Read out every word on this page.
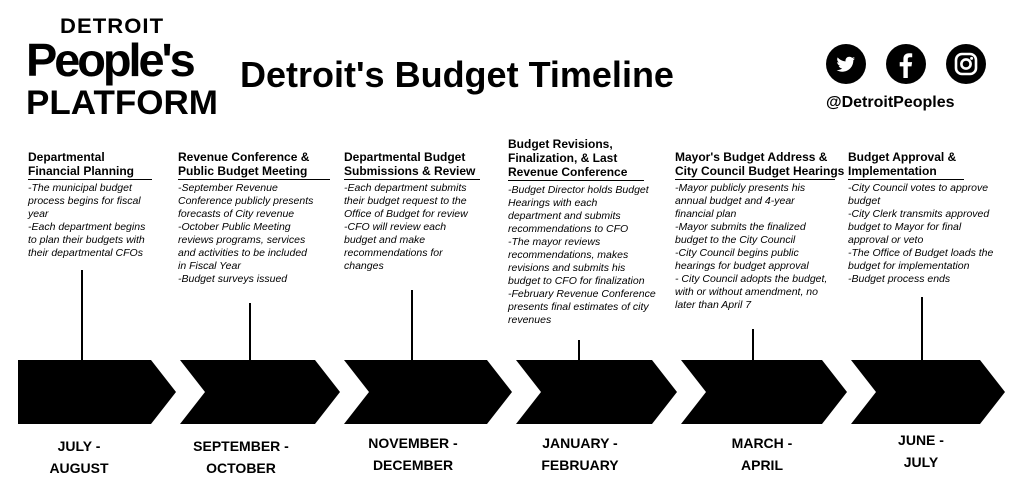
DETROIT
People's
PLATFORM
Detroit's Budget Timeline
@DetroitPeoples
Departmental
Financial Planning
-The municipal budget
process begins for fiscal
year
-Each department begins
to plan their budgets with
their departmental CFOs
JULY -
AUGUST
Revenue Conference &
Public Budget Meeting
-September Revenue
Conference publicly presents
forecasts of City revenue
-October Public Meeting
reviews programs, services
and activities to be included
in Fiscal Year
-Budget surveys issued
SEPTEMBER -
OCTOBER
Departmental Budget
Submissions & Review
-Each department submits
their budget request to the
Office of Budget for review
-CFO will review each
budget and make
recommendations for
changes
NOVEMBER -
DECEMBER
Budget Revisions,
Finalization, & Last
Revenue Conference
-Budget Director holds Budget
Hearings with each
department and submits
recommendations to CFO
-The mayor reviews
recommendations, makes
revisions and submits his
budget to CFO for finalization
-February Revenue Conference
presents final estimates of city
revenues
JANUARY -
FEBRUARY
Mayor's Budget Address &
City Council Budget Hearings
-Mayor publicly presents his
annual budget and 4-year
financial plan
-Mayor submits the finalized
budget to the City Council
-City Council begins public
hearings for budget approval
- City Council adopts the budget,
with or without amendment, no
later than April 7
MARCH -
APRIL
Budget Approval &
Implementation
-City Council votes to approve
budget
-City Clerk transmits approved
budget to Mayor for final
approval or veto
-The Office of Budget loads the
budget for implementation
-Budget process ends
JUNE -
JULY
